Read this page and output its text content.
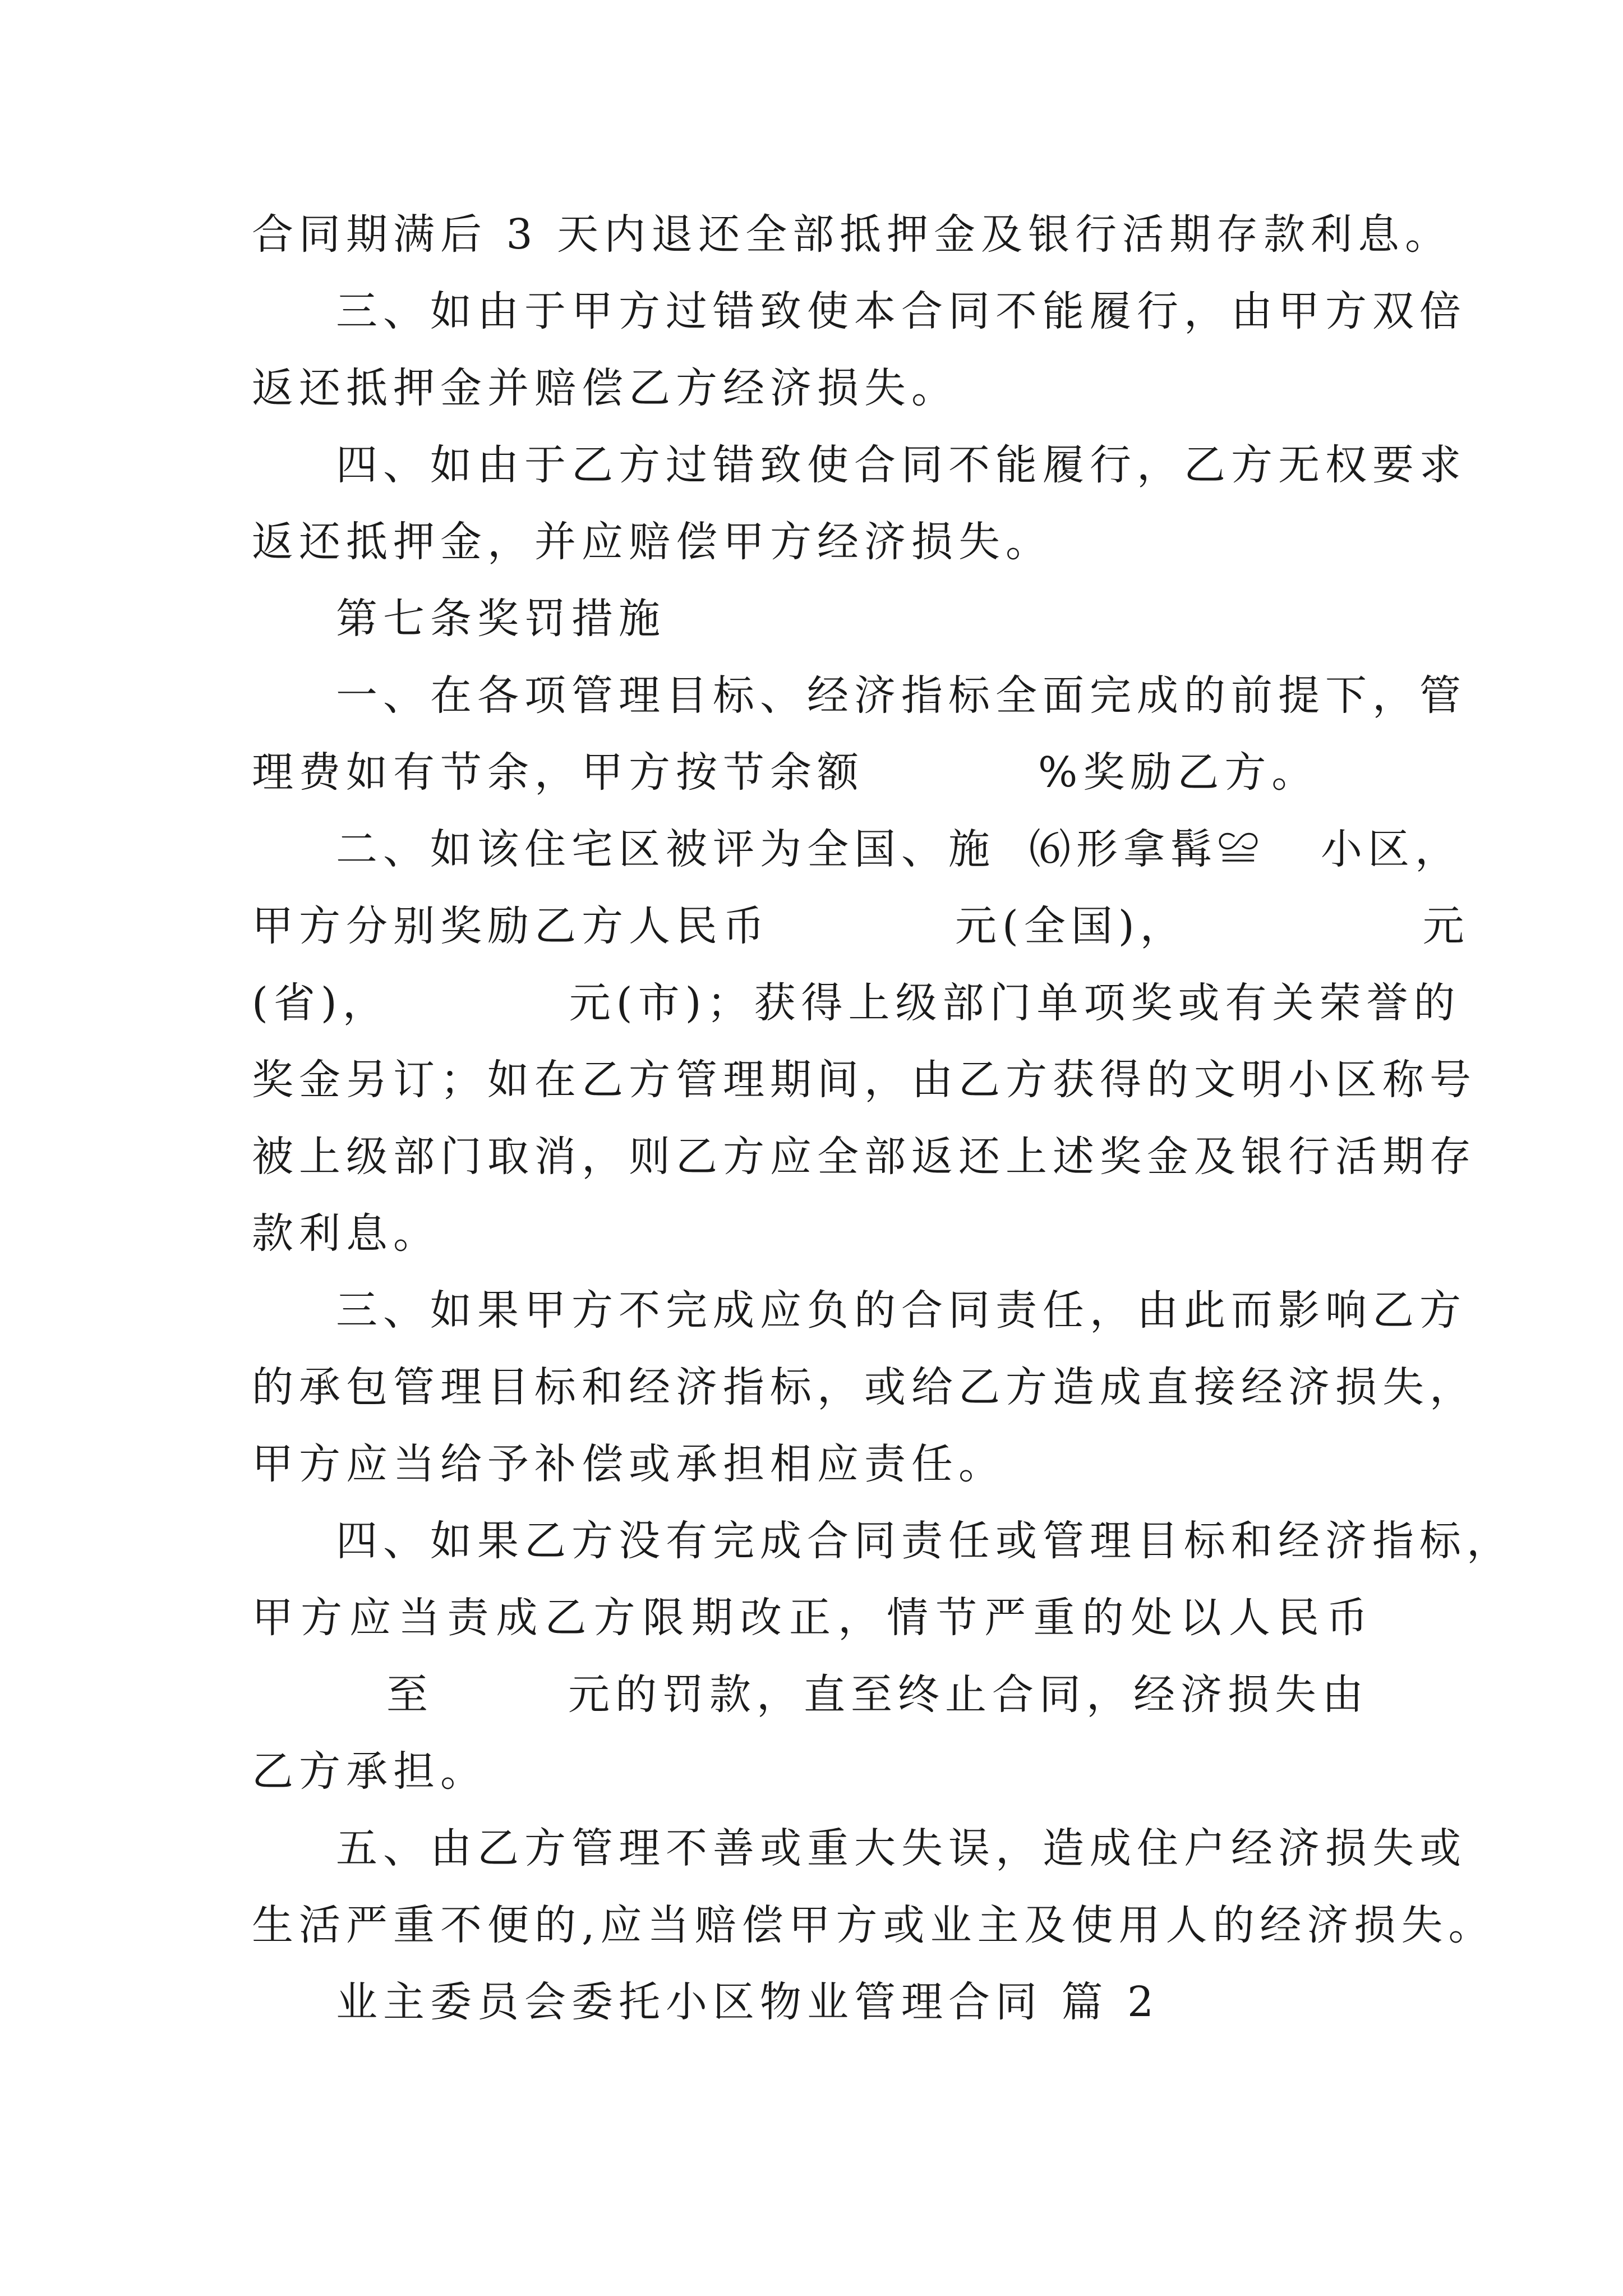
合同期满后 3 天内退还全部抵押金及银行活期存款利息。
三、如由于甲方过错致使本合同不能履行，由甲方双倍
返还抵押金并赔偿乙方经济损失。
四、如由于乙方过错致使合同不能履行，乙方无权要求
返还抵押金，并应赔偿甲方经济损失。
第七条奖罚措施
一、在各项管理目标、经济指标全面完成的前提下，管
理费如有节余，甲方按节余额	%奖励乙方。
二、如该住宅区被评为全国、施 ⑹形拿髯≌ 小区，
甲方分别奖励乙方人民币	元(全国)，	元
(省)，	元(市)；获得上级部门单项奖或有关荣誉的
奖金另订；如在乙方管理期间，由乙方获得的文明小区称号
被上级部门取消，则乙方应全部返还上述奖金及银行活期存
款利息。
三、如果甲方不完成应负的合同责任，由此而影响乙方
的承包管理目标和经济指标，或给乙方造成直接经济损失，
甲方应当给予补偿或承担相应责任。
四、如果乙方没有完成合同责任或管理目标和经济指标，
甲方应当责成乙方限期改正，情节严重的处以人民币
至	元的罚款，直至终止合同，经济损失由
乙方承担。
五、由乙方管理不善或重大失误，造成住户经济损失或
生活严重不便的,应当赔偿甲方或业主及使用人的经济损失。
业主委员会委托小区物业管理合同 篇 2
